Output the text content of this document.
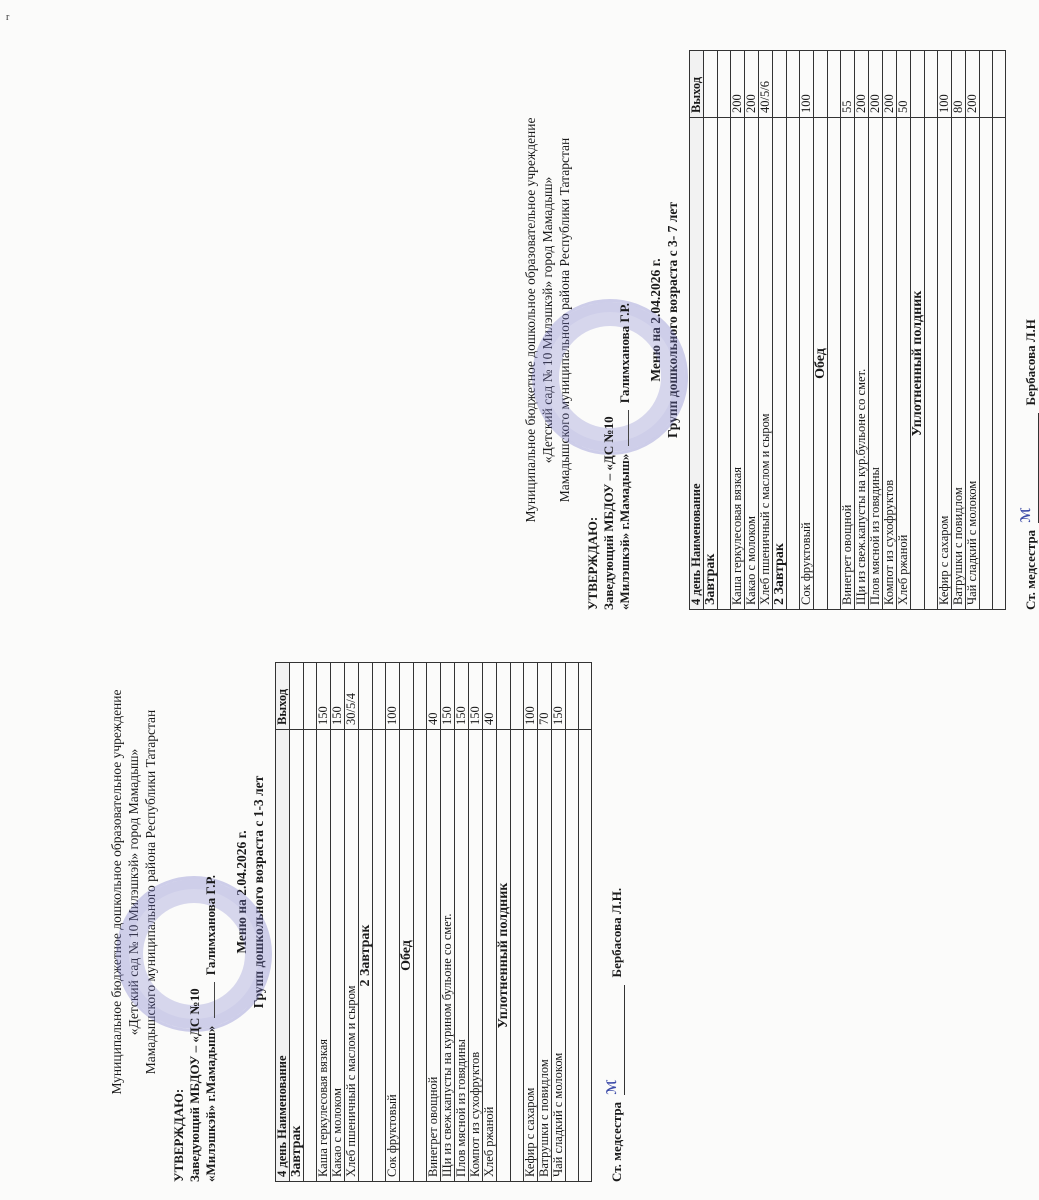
r
Муниципальное бюджетное дошкольное образовательное учреждение «Детский сад № 10 Милэшкэй» город Мамадыш» Мамадышского муниципального района Республики Татарстан
УТВЕРЖДАЮ: Заведующий МБДОУ – «ДС №10 «Милэшкэй» г.Мамадыш»  Галимханова Г.Р. Меню на 2.04.2026 г. Групп дошкольного возраста с 1-3 лет
4 день Наименование	Выход
Завтрак	

Каша геркулесовая вязкая	150
Какао с молоком	150
Хлеб пшеничный с маслом и сыром	30/5/4
2 Завтрак	

Сок фруктовый	100
Обед	

Винегрет овощной	40
Щи из свеж.капусты на курином бульоне со смет.	150
Плов мясной из говядины	150
Компот из сухофруктов	150
Хлеб ржаной	40
Уплотненный полдник	

Кефир с сахаром	100
Ватрушки с повидлом	70
Чай сладкий с молоком	150

Ст. медсестра ℳ Бербасова Л.Н.
Муниципальное бюджетное дошкольное образовательное учреждение «Детский сад № 10 Милэшкэй» город Мамадыш» Мамадышского муниципального района Республики Татарстан
УТВЕРЖДАЮ: Заведующий МБДОУ – «ДС №10 «Милэшкэй» г.Мамадыш»  Галимханова Г.Р. Меню на 2.04.2026 г. Групп дошкольного возраста с 3- 7 лет
4 день Наименование	Выход
Завтрак	

Каша геркулесовая вязкая	200
Какао с молоком	200
Хлеб пшеничный с маслом и сыром	40/5/6
2 Завтрак	

Сок фруктовый	100
Обед	

Винегрет овощной	55
Щи из свеж.капусты на кур.бульоне со смет.	200
Плов мясной из говядины	200
Компот из сухофруктов	200
Хлеб ржаной	50
Уплотненный полдник	

Кефир с сахаром	100
Ватрушки с повидлом	80
Чай сладкий с молоком	200

Ст. медсестра ℳ Бербасова Л.Н
